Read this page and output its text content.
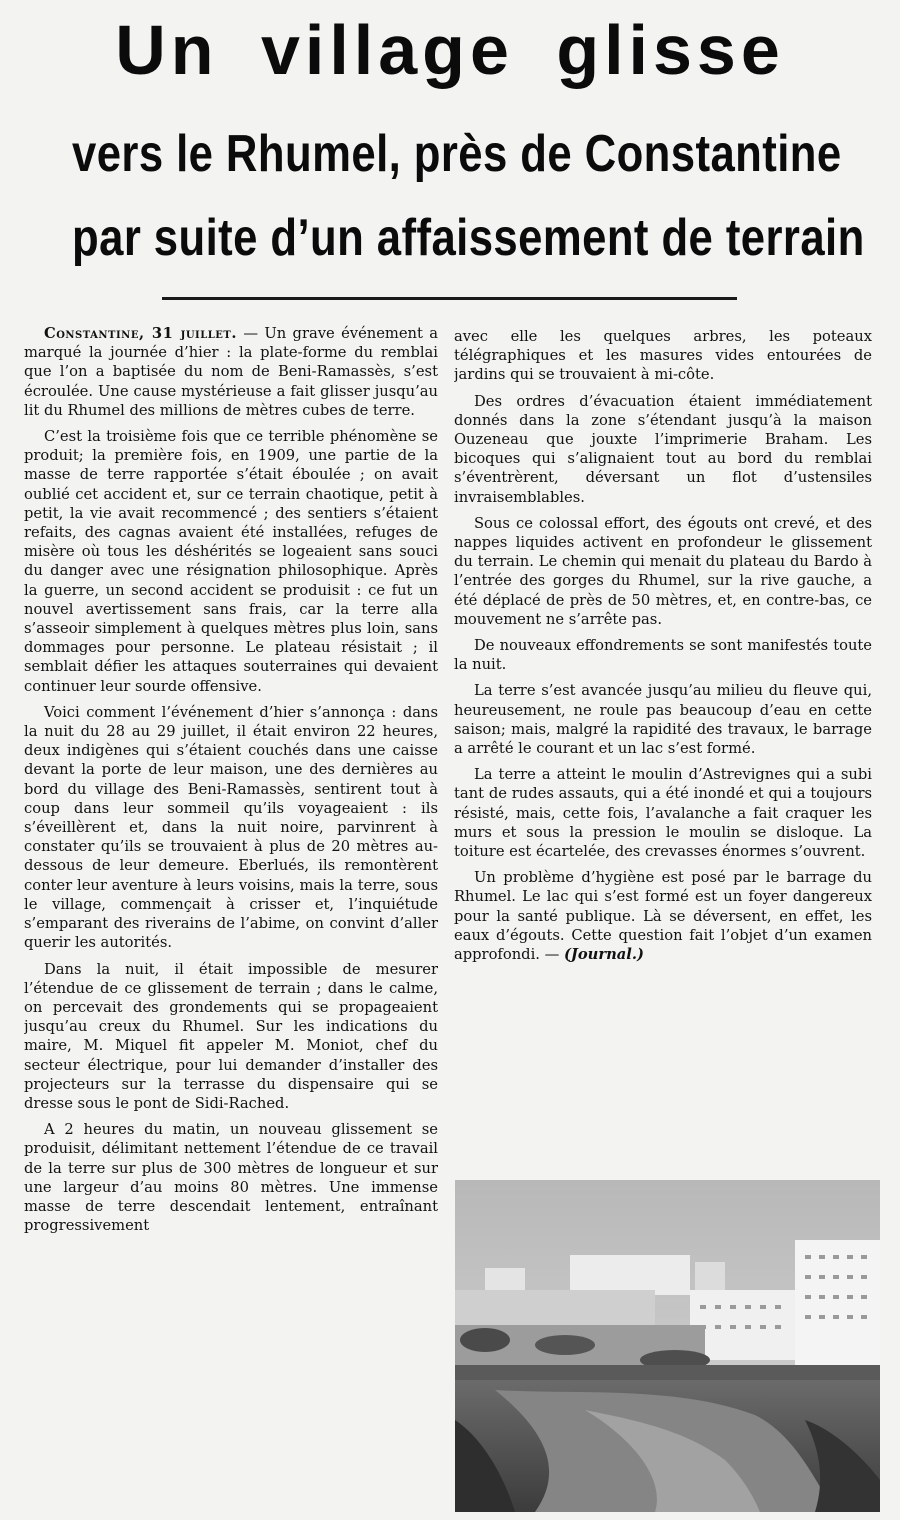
Un village glisse
vers le Rhumel, près de Constantine
par suite d’un affaissement de terrain

Constantine, 31 juillet. — Un grave événement a marqué la journée d’hier : la plate-forme du remblai que l’on a baptisée du nom de Beni-Ramassès, s’est écroulée. Une cause mystérieuse a fait glisser jusqu’au lit du Rhumel des millions de mètres cubes de terre.

C’est la troisième fois que ce terrible phénomène se produit; la première fois, en 1909, une partie de la masse de terre rapportée s’était éboulée ; on avait oublié cet accident et, sur ce terrain chaotique, petit à petit, la vie avait recommencé ; des sentiers s’étaient refaits, des cagnas avaient été installées, refuges de misère où tous les déshérités se logeaient sans souci du danger avec une résignation philosophique. Après la guerre, un second accident se produisit : ce fut un nouvel avertissement sans frais, car la terre alla s’asseoir simplement à quelques mètres plus loin, sans dommages pour personne. Le plateau résistait ; il semblait défier les attaques souterraines qui devaient continuer leur sourde offensive.

Voici comment l’événement d’hier s’annonça : dans la nuit du 28 au 29 juillet, il était environ 22 heures, deux indigènes qui s’étaient couchés dans une caisse devant la porte de leur maison, une des dernières au bord du village des Beni-Ramassès, sentirent tout à coup dans leur sommeil qu’ils voyageaient : ils s’éveillèrent et, dans la nuit noire, parvinrent à constater qu’ils se trouvaient à plus de 20 mètres au-dessous de leur demeure. Eberlués, ils remontèrent conter leur aventure à leurs voisins, mais la terre, sous le village, commençait à crisser et, l’inquiétude s’emparant des riverains de l’abime, on convint d’aller querir les autorités.

Dans la nuit, il était impossible de mesurer l’étendue de ce glissement de terrain ; dans le calme, on percevait des grondements qui se propageaient jusqu’au creux du Rhumel. Sur les indications du maire, M. Miquel fit appeler M. Moniot, chef du secteur électrique, pour lui demander d’installer des projecteurs sur la terrasse du dispensaire qui se dresse sous le pont de Sidi-Rached.

A 2 heures du matin, un nouveau glissement se produisit, délimitant nettement l’étendue de ce travail de la terre sur plus de 300 mètres de longueur et sur une largeur d’au moins 80 mètres. Une immense masse de terre descendait lentement, entraînant progressivement

avec elle les quelques arbres, les poteaux télégraphiques et les masures vides entourées de jardins qui se trouvaient à mi-côte.

Des ordres d’évacuation étaient immédiatement donnés dans la zone s’étendant jusqu’à la maison Ouzeneau que jouxte l’imprimerie Braham. Les bicoques qui s’alignaient tout au bord du remblai s’éventrèrent, déversant un flot d’ustensiles invraisemblables.

Sous ce colossal effort, des égouts ont crevé, et des nappes liquides activent en profondeur le glissement du terrain. Le chemin qui menait du plateau du Bardo à l’entrée des gorges du Rhumel, sur la rive gauche, a été déplacé de près de 50 mètres, et, en contre-bas, ce mouvement ne s’arrête pas.

De nouveaux effondrements se sont manifestés toute la nuit.

La terre s’est avancée jusqu’au milieu du fleuve qui, heureusement, ne roule pas beaucoup d’eau en cette saison; mais, malgré la rapidité des travaux, le barrage a arrêté le courant et un lac s’est formé.

La terre a atteint le moulin d’Astrevignes qui a subi tant de rudes assauts, qui a été inondé et qui a toujours résisté, mais, cette fois, l’avalanche a fait craquer les murs et sous la pression le moulin se disloque. La toiture est écartelée, des crevasses énormes s’ouvrent.

Un problème d’hygiène est posé par le barrage du Rhumel. Le lac qui s’est formé est un foyer dangereux pour la santé publique. Là se déversent, en effet, les eaux d’égouts. Cette question fait l’objet d’un examen approfondi. — (Journal.)
